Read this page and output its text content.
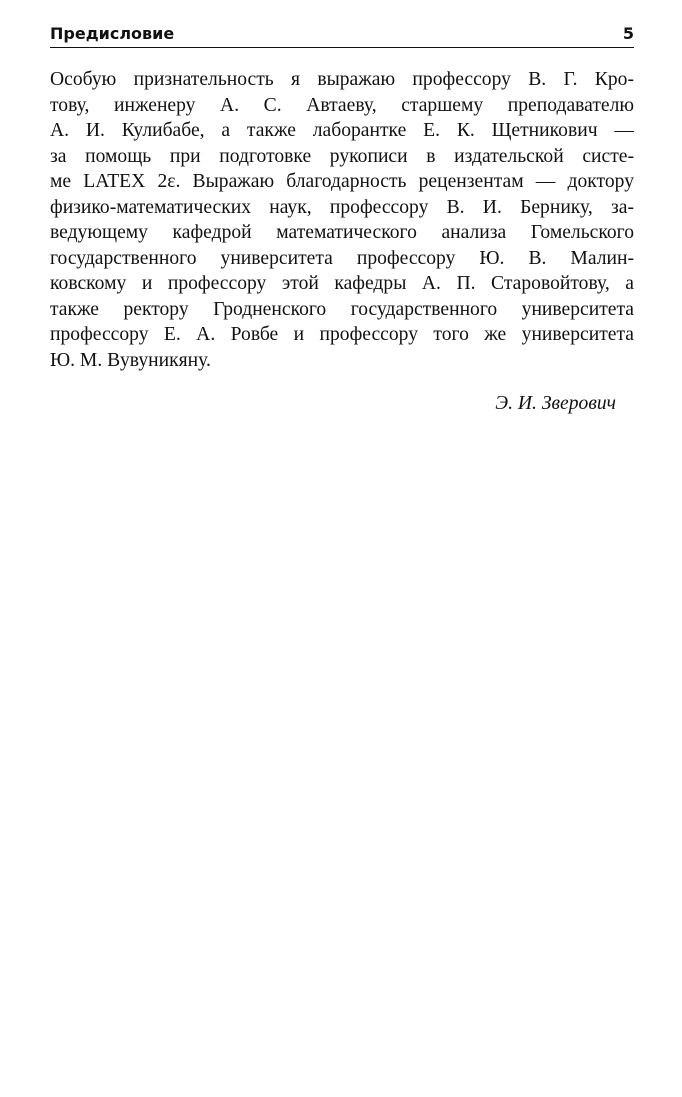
Предисловие	5
Особую признательность я выражаю профессору В. Г. Кро-
тову, инженеру А. С. Автаеву, старшему преподавателю
А. И. Кулибабе, а также лаборантке Е. К. Щетникович —
за помощь при подготовке рукописи в издательской систе-
ме LATEX 2ε. Выражаю благодарность рецензентам — доктору
физико-математических наук, профессору В. И. Бернику, за-
ведующему кафедрой математического анализа Гомельского
государственного университета профессору Ю. В. Малин-
ковскому и профессору этой кафедры А. П. Старовойтову, а
также ректору Гродненского государственного университета
профессору Е. А. Ровбе и профессору того же университета
Ю. М. Вувуникяну.
Э. И. Зверович
